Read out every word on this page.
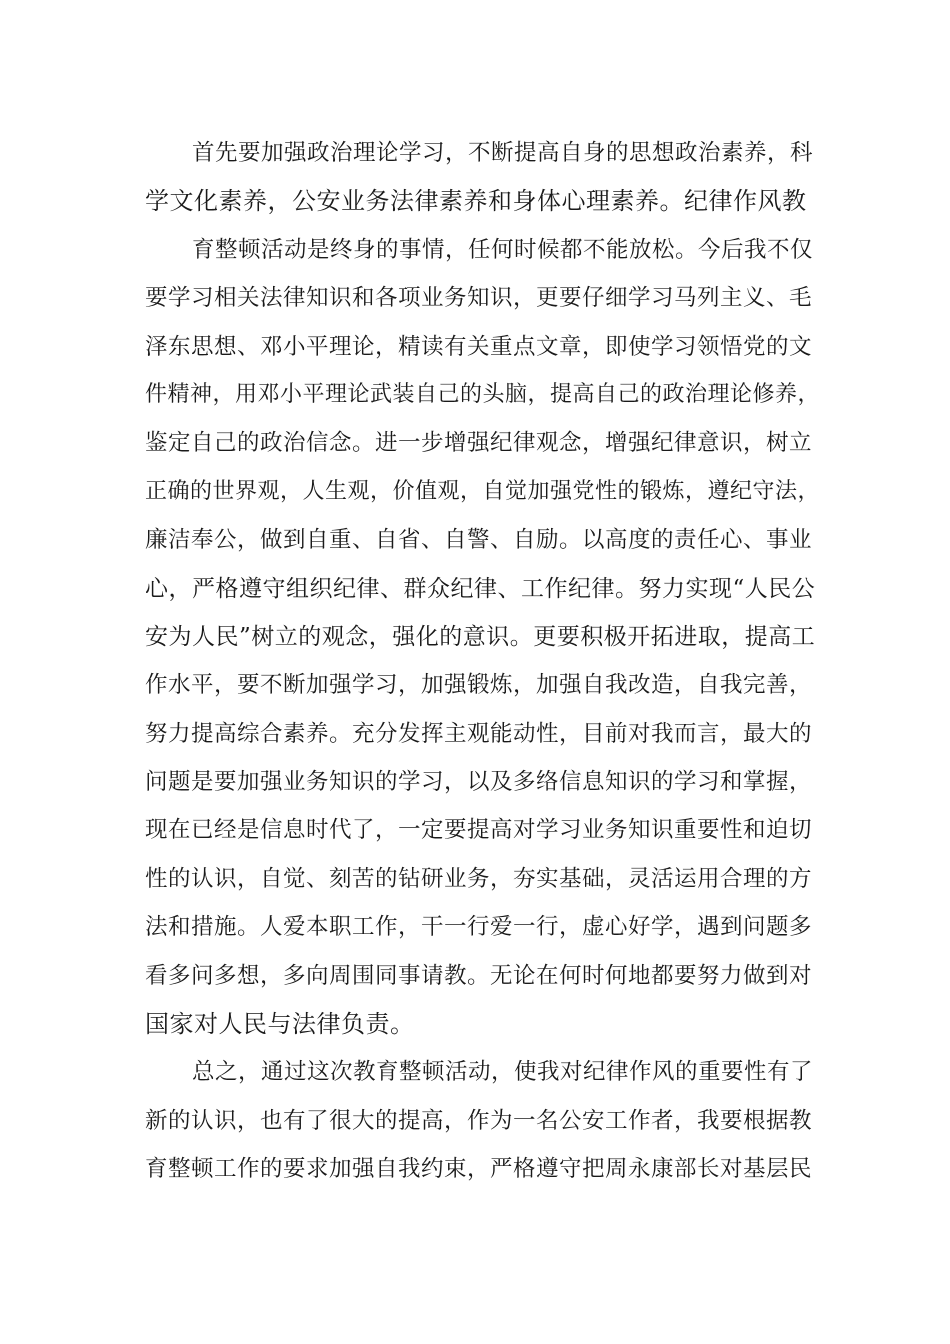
首先要加强政治理论学习，不断提高自身的思想政治素养，科
学文化素养，公安业务法律素养和身体心理素养。纪律作风教
育整顿活动是终身的事情，任何时候都不能放松。今后我不仅
要学习相关法律知识和各项业务知识，更要仔细学习马列主义、毛
泽东思想、邓小平理论，精读有关重点文章，即使学习领悟党的文
件精神，用邓小平理论武装自己的头脑，提高自己的政治理论修养，
鉴定自己的政治信念。进一步增强纪律观念，增强纪律意识，树立
正确的世界观，人生观，价值观，自觉加强党性的锻炼，遵纪守法，
廉洁奉公，做到自重、自省、自警、自励。以高度的责任心、事业
心，严格遵守组织纪律、群众纪律、工作纪律。努力实现“人民公
安为人民”树立的观念，强化的意识。更要积极开拓进取，提高工
作水平，要不断加强学习，加强锻炼，加强自我改造，自我完善，
努力提高综合素养。充分发挥主观能动性，目前对我而言，最大的
问题是要加强业务知识的学习，以及多络信息知识的学习和掌握，
现在已经是信息时代了，一定要提高对学习业务知识重要性和迫切
性的认识，自觉、刻苦的钻研业务，夯实基础，灵活运用合理的方
法和措施。人爱本职工作，干一行爱一行，虚心好学，遇到问题多
看多问多想，多向周围同事请教。无论在何时何地都要努力做到对
国家对人民与法律负责。
总之，通过这次教育整顿活动，使我对纪律作风的重要性有了
新的认识，也有了很大的提高，作为一名公安工作者，我要根据教
育整顿工作的要求加强自我约束，严格遵守把周永康部长对基层民
